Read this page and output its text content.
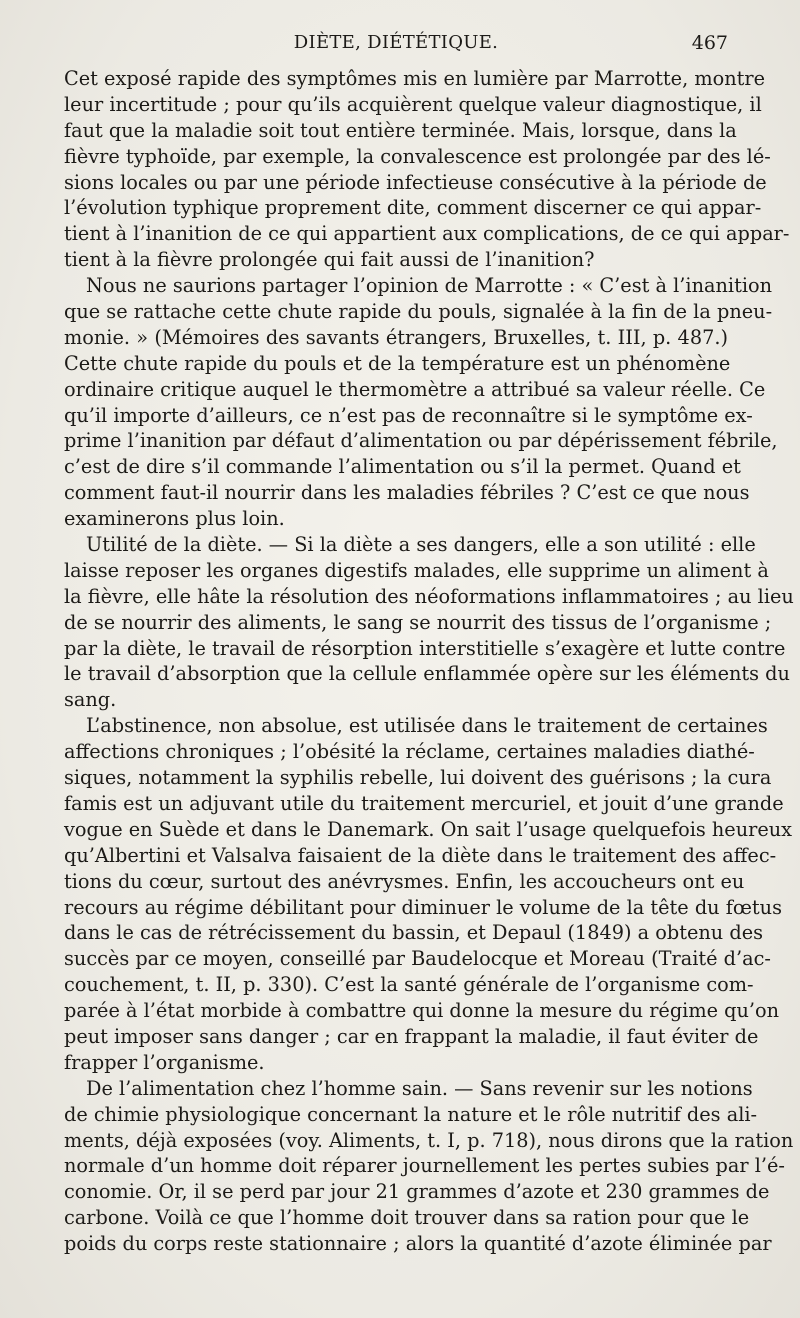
DIÈTE, DIÉTÉTIQUE.	467
Cet exposé rapide des symptômes mis en lumière par Marrotte, montre
leur incertitude ; pour qu’ils acquièrent quelque valeur diagnostique, il
faut que la maladie soit tout entière terminée. Mais, lorsque, dans la
fièvre typhoïde, par exemple, la convalescence est prolongée par des lé-
sions locales ou par une période infectieuse consécutive à la période de
l’évolution typhique proprement dite, comment discerner ce qui appar-
tient à l’inanition de ce qui appartient aux complications, de ce qui appar-
tient à la fièvre prolongée qui fait aussi de l’inanition?
Nous ne saurions partager l’opinion de Marrotte : « C’est à l’inanition
que se rattache cette chute rapide du pouls, signalée à la fin de la pneu-
monie. » (Mémoires des savants étrangers, Bruxelles, t. III, p. 487.)
Cette chute rapide du pouls et de la température est un phénomène
ordinaire critique auquel le thermomètre a attribué sa valeur réelle. Ce
qu’il importe d’ailleurs, ce n’est pas de reconnaître si le symptôme ex-
prime l’inanition par défaut d’alimentation ou par dépérissement fébrile,
c’est de dire s’il commande l’alimentation ou s’il la permet. Quand et
comment faut-il nourrir dans les maladies fébriles ? C’est ce que nous
examinerons plus loin.
Utilité de la diète. — Si la diète a ses dangers, elle a son utilité : elle
laisse reposer les organes digestifs malades, elle supprime un aliment à
la fièvre, elle hâte la résolution des néoformations inflammatoires ; au lieu
de se nourrir des aliments, le sang se nourrit des tissus de l’organisme ;
par la diète, le travail de résorption interstitielle s’exagère et lutte contre
le travail d’absorption que la cellule enflammée opère sur les éléments du
sang.
L’abstinence, non absolue, est utilisée dans le traitement de certaines
affections chroniques ; l’obésité la réclame, certaines maladies diathé-
siques, notamment la syphilis rebelle, lui doivent des guérisons ; la cura
famis est un adjuvant utile du traitement mercuriel, et jouit d’une grande
vogue en Suède et dans le Danemark. On sait l’usage quelquefois heureux
qu’Albertini et Valsalva faisaient de la diète dans le traitement des affec-
tions du cœur, surtout des anévrysmes. Enfin, les accoucheurs ont eu
recours au régime débilitant pour diminuer le volume de la tête du fœtus
dans le cas de rétrécissement du bassin, et Depaul (1849) a obtenu des
succès par ce moyen, conseillé par Baudelocque et Moreau (Traité d’ac-
couchement, t. II, p. 330). C’est la santé générale de l’organisme com-
parée à l’état morbide à combattre qui donne la mesure du régime qu’on
peut imposer sans danger ; car en frappant la maladie, il faut éviter de
frapper l’organisme.
De l’alimentation chez l’homme sain. — Sans revenir sur les notions
de chimie physiologique concernant la nature et le rôle nutritif des ali-
ments, déjà exposées (voy. Aliments, t. I, p. 718), nous dirons que la ration
normale d’un homme doit réparer journellement les pertes subies par l’é-
conomie. Or, il se perd par jour 21 grammes d’azote et 230 grammes de
carbone. Voilà ce que l’homme doit trouver dans sa ration pour que le
poids du corps reste stationnaire ; alors la quantité d’azote éliminée par
